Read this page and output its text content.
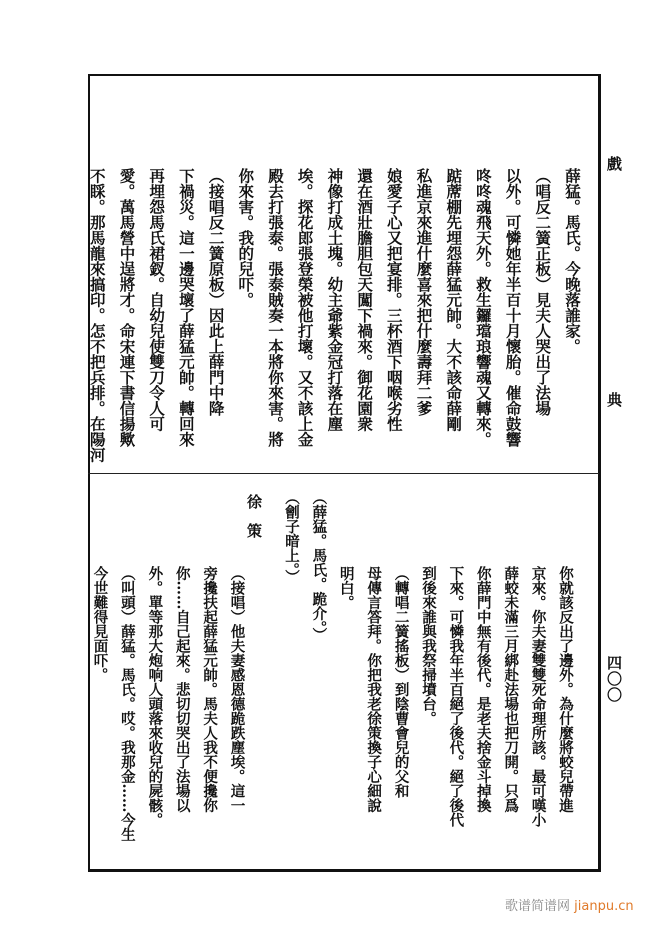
戲
典
四〇〇
薛猛。馬氏。今晚落誰家。
（唱反二簧正板）見夫人哭出了法場
以外。可憐她年半百十月懷胎。催命鼓響
咚咚魂飛天外。救生鑼璫琅響魂又轉來。
踮蓆棚先埋怨薛猛元帥。大不該命薛剛
私進京來進什麼喜來把什麼壽拜二爹
娘愛子心又把宴排。三杯酒下咽喉劣性
還在酒壯膽胆包天闖下禍來。御花園衆
神像打成土塊。幼主爺紫金冠打落在塵
埃。探花郎張登榮被他打壞。又不該上金
殿去打張泰。張泰賊奏一本將你來害。將
你來害。我的兒吓。
（接唱反二簧原板）因此上薛門中降
下禍災。這一邊哭壞了薛猛元帥。轉回來
再埋怨馬氏裙釵。自幼兒使雙刀令人可
愛。萬馬營中逞將才。命宋連下書信揚歟
不睬。那馬龍來搞印。怎不把兵排。在陽河
你就該反出了邊外。為什麼將蛟兒帶進
京來。你夫妻雙雙死命理所該。最可嘆小
薛蛟未滿三月綁赴法場也把刀開。只爲
你薛門中無有後代。是老夫捨金斗掉換
下來。可憐我年半百絕了後代。絕了後代
到後來誰與我祭掃墳台。
（轉唱二簧搖板）到陰曹會兒的父和
母傳言答拜。你把我老徐策換子心細說
明白。
（薛猛。馬氏。跪介。）
（劊子暗上。）
（接唱）他夫妻感恩德跪跌塵埃。這一
旁攙扶起薛猛元帥。馬夫人我不便攙你
你……自己起來。悲切切哭出了法場以
外。單等那大炮响人頭落來收兒的屍骸。
（叫頭）薛猛。馬氏。哎。我那金……今生
今世難得見面吓。
徐策
歌谱简谱网 jianpu.cn
